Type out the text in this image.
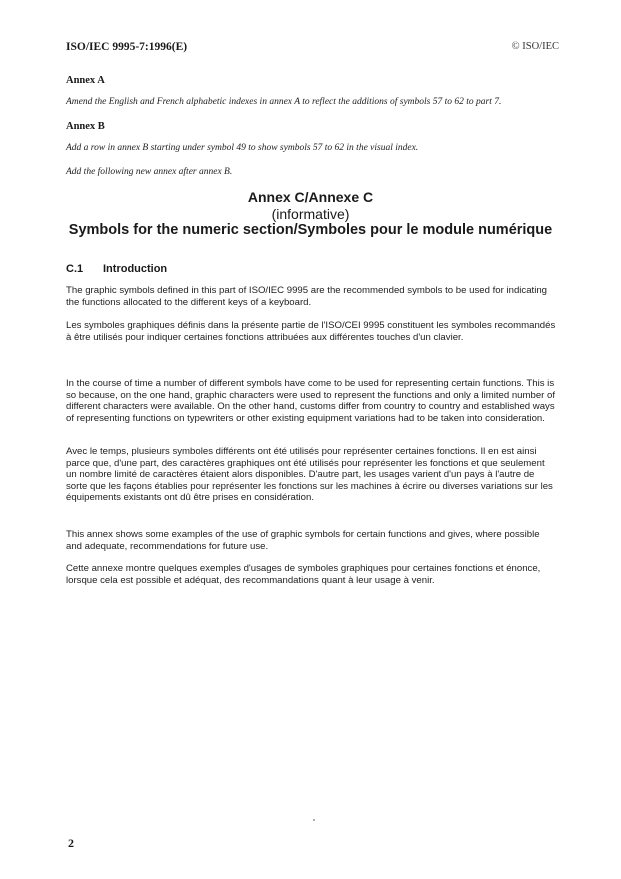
ISO/IEC 9995-7:1996(E)	© ISO/IEC
Annex A
Amend the English and French alphabetic indexes in annex A to reflect the additions of symbols 57 to 62 to part 7.
Annex B
Add a row in annex B starting under symbol 49 to show symbols 57 to 62 in the visual index.
Add the following new annex after annex B.
Annex C/Annexe C
(informative)
Symbols for the numeric section/Symboles pour le module numérique
C.1 Introduction
The graphic symbols defined in this part of ISO/IEC 9995 are the recommended symbols to be used for indicating the functions allocated to the different keys of a keyboard.
Les symboles graphiques définis dans la présente partie de l'ISO/CEI 9995 constituent les symboles recommandés à être utilisés pour indiquer certaines fonctions attribuées aux différentes touches d'un clavier.
In the course of time a number of different symbols have come to be used for representing certain functions. This is so because, on the one hand, graphic characters were used to represent the functions and only a limited number of different characters were available. On the other hand, customs differ from country to country and established ways of representing functions on typewriters or other existing equipment variations had to be taken into consideration.
Avec le temps, plusieurs symboles différents ont été utilisés pour représenter certaines fonctions. Il en est ainsi parce que, d'une part, des caractères graphiques ont été utilisés pour représenter les fonctions et que seulement un nombre limité de caractères étaient alors disponibles. D'autre part, les usages varient d'un pays à l'autre de sorte que les façons établies pour représenter les fonctions sur les machines à écrire ou diverses variations sur les équipements existants ont dû être prises en considération.
This annex shows some examples of the use of graphic symbols for certain functions and gives, where possible and adequate, recommendations for future use.
Cette annexe montre quelques exemples d'usages de symboles graphiques pour certaines fonctions et énonce, lorsque cela est possible et adéquat, des recommandations quant à leur usage à venir.
2
